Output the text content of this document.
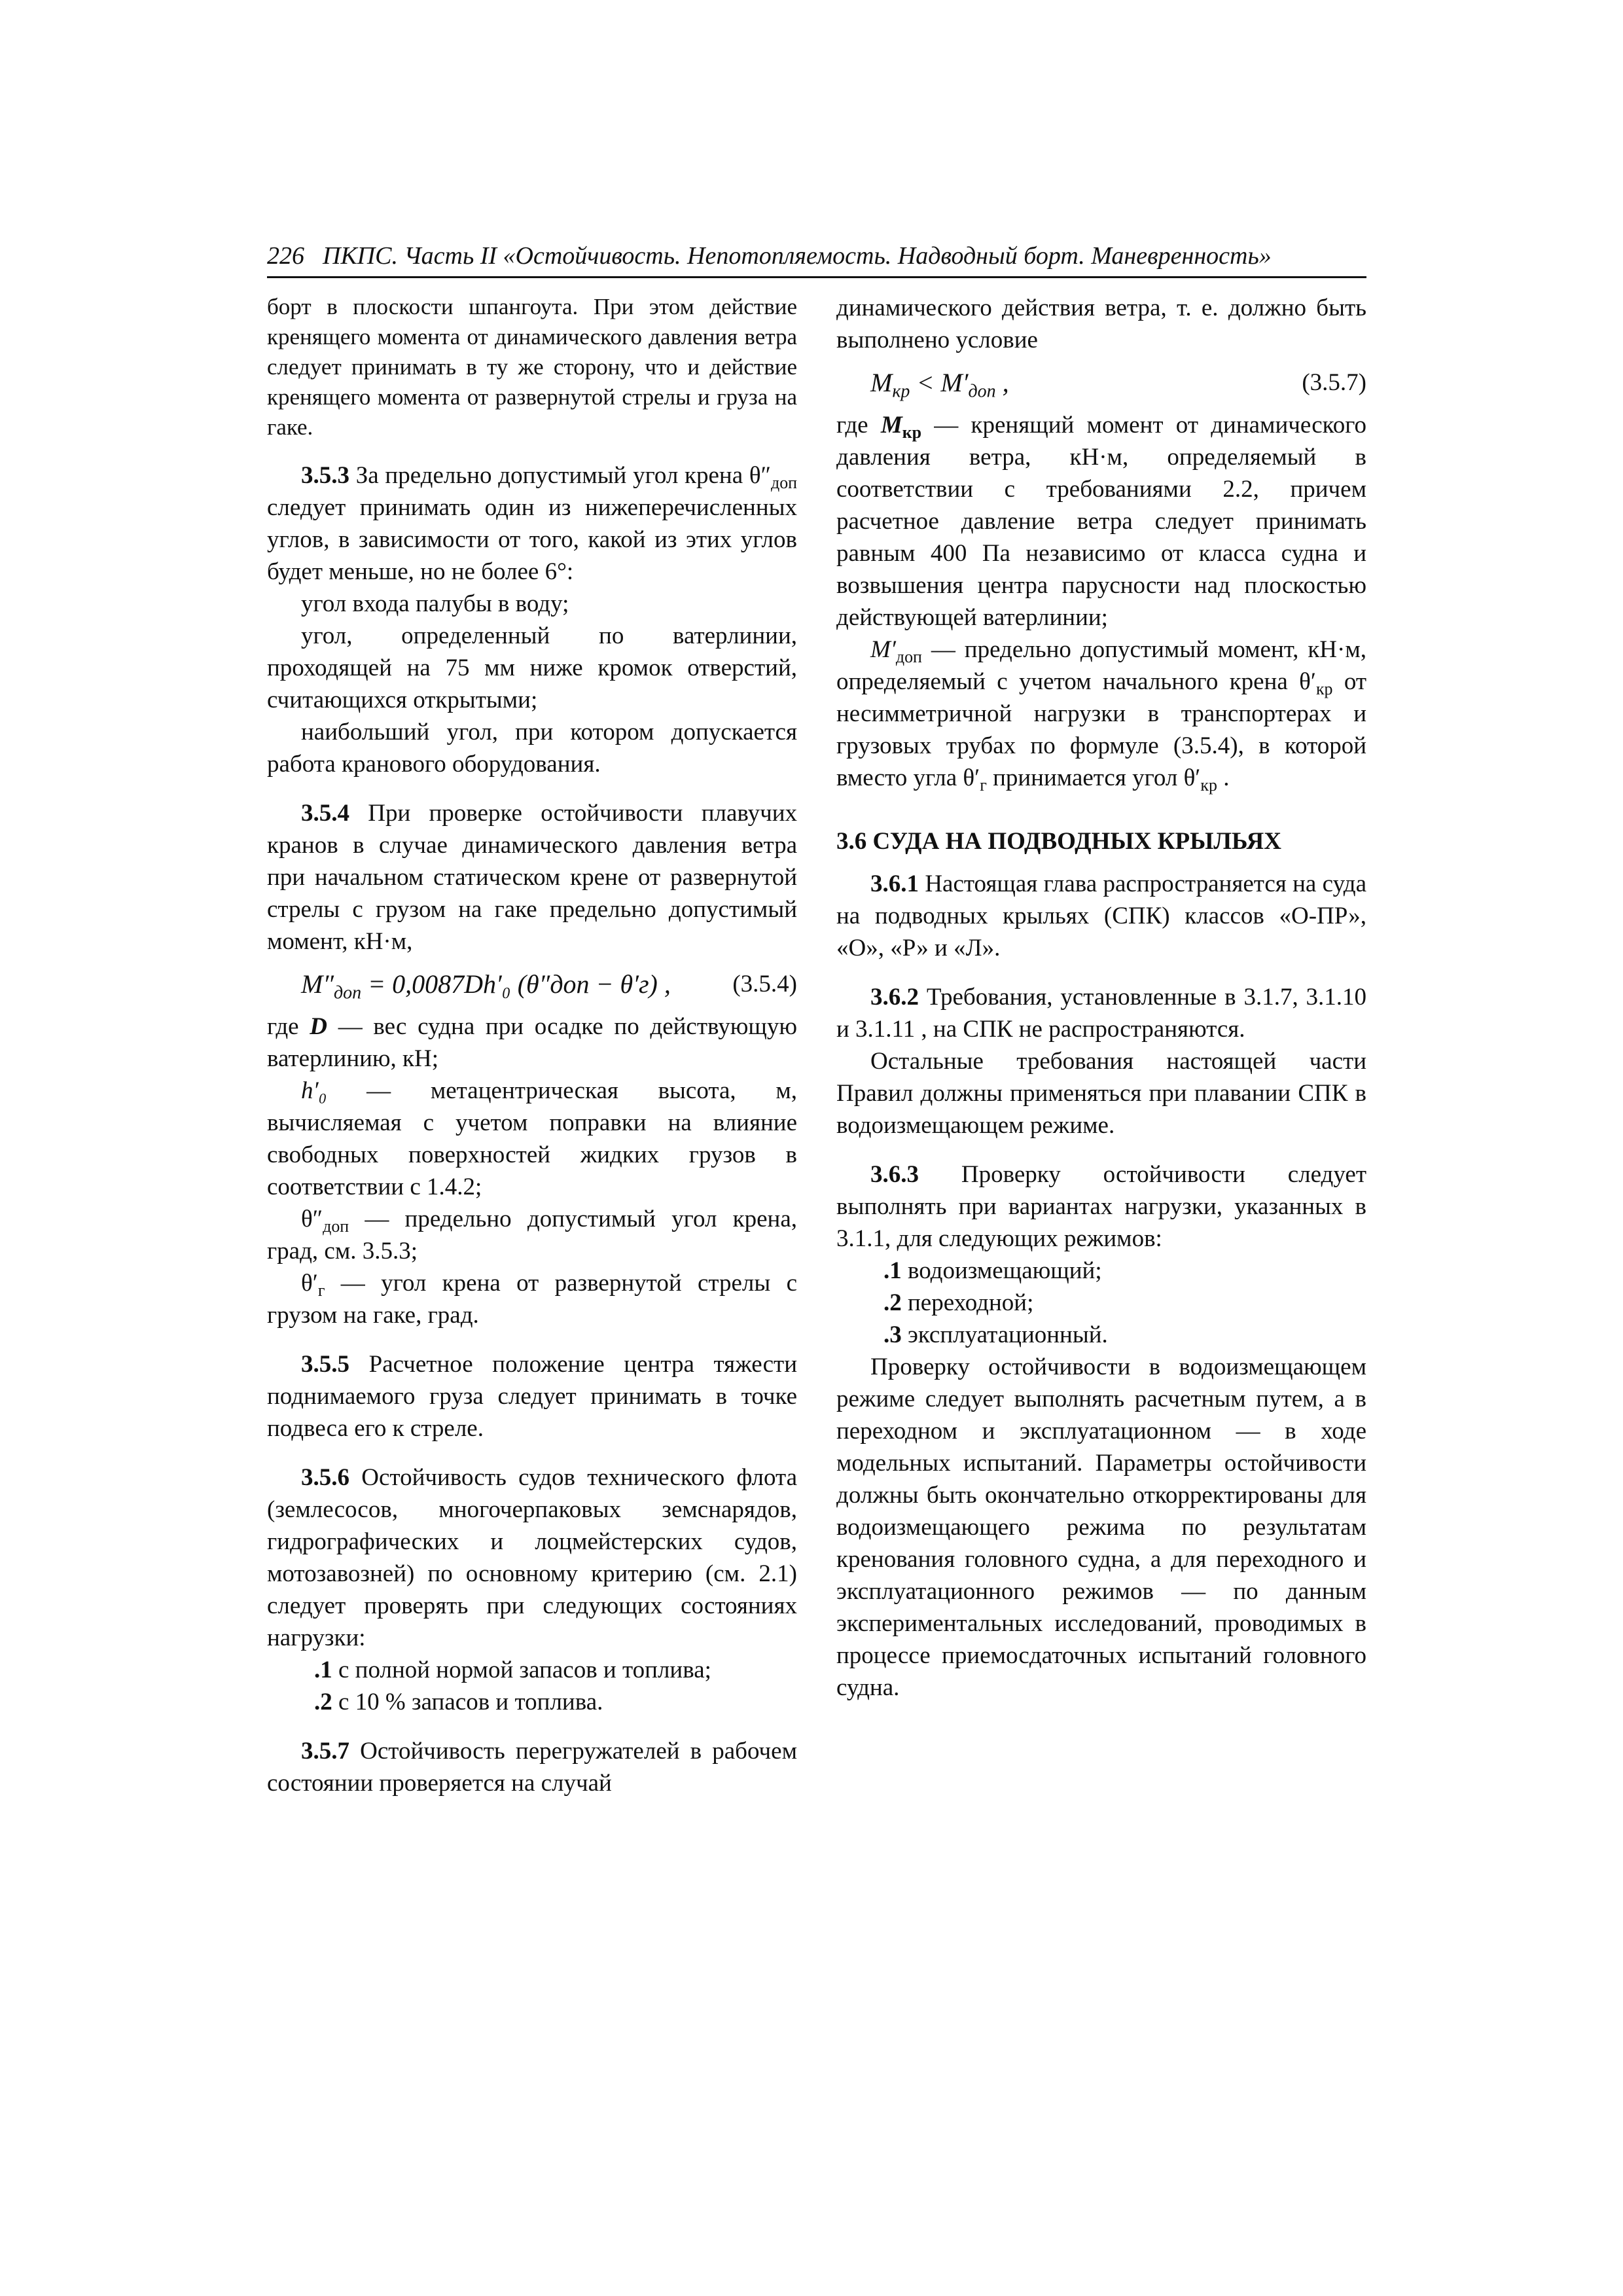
226 ПКПС. Часть II «Остойчивость. Непотопляемость. Надводный борт. Маневренность»

борт в плоскости шпангоута. При этом действие кренящего момента от динамического давления ветра следует принимать в ту же сторону, что и действие кренящего момента от развернутой стрелы и груза на гаке.

3.5.3 За предельно допустимый угол крена $\theta''_{доп}$ следует принимать один из нижеперечисленных углов, в зависимости от того, какой из этих углов будет меньше, но не более 6°:

угол входа палубы в воду;

угол, определенный по ватерлинии, проходящей на 75 мм ниже кромок отверстий, считающихся открытыми;

наибольший угол, при котором допускается работа кранового оборудования.

3.5.4 При проверке остойчивости плавучих кранов в случае динамического давления ветра при начальном статическом крене от развернутой стрелы с грузом на гаке предельно допустимый момент, кН·м,

$M''_{доп} = 0,0087Dh'_0$ (θ″доп − θ′г) ,	(3.5.4)

где D — вес судна при осадке по действующую ватерлинию, кН;

h′₀ — метацентрическая высота, м, вычисляемая с учетом поправки на влияние свободных поверхностей жидких грузов в соответствии с 1.4.2;

$\theta''_{доп}$ — предельно допустимый угол крена, град, см. 3.5.3;

$\theta'_г$ — угол крена от развернутой стрелы с грузом на гаке, град.

3.5.5 Расчетное положение центра тяжести поднимаемого груза следует принимать в точке подвеса его к стреле.

3.5.6 Остойчивость судов технического флота (землесосов, многочерпаковых земснарядов, гидрографических и лоцмейстерских судов, мотозавозней) по основному критерию (см. 2.1) следует проверять при следующих состояниях нагрузки:

.1 с полной нормой запасов и топлива;

.2 с 10 % запасов и топлива.

3.5.7 Остойчивость перегружателей в рабочем состоянии проверяется на случай

динамического действия ветра, т. е. должно быть выполнено условие

$M_{кр} < M'_{доп}$ ,	(3.5.7)

где $M_{кр}$ — кренящий момент от динамического давления ветра, кН·м, определяемый в соответствии с требованиями 2.2, причем расчетное давление ветра следует принимать равным 400 Па независимо от класса судна и возвышения центра парусности над плоскостью действующей ватерлинии;

$M'_{доп}$ — предельно допустимый момент, кН·м, определяемый с учетом начального крена $\theta'_{кр}$ от несимметричной нагрузки в транспортерах и грузовых трубах по формуле (3.5.4), в которой вместо угла $\theta'_г$ принимается угол $\theta'_{кр}$ .

3.6 СУДА НА ПОДВОДНЫХ КРЫЛЬЯХ

3.6.1 Настоящая глава распространяется на суда на подводных крыльях (СПК) классов «О-ПР», «О», «Р» и «Л».

3.6.2 Требования, установленные в 3.1.7, 3.1.10 и 3.1.11 , на СПК не распространяются.

Остальные требования настоящей части Правил должны применяться при плавании СПК в водоизмещающем режиме.

3.6.3 Проверку остойчивости следует выполнять при вариантах нагрузки, указанных в 3.1.1, для следующих режимов:

.1 водоизмещающий;

.2 переходной;

.3 эксплуатационный.

Проверку остойчивости в водоизмещающем режиме следует выполнять расчетным путем, а в переходном и эксплуатационном — в ходе модельных испытаний. Параметры остойчивости должны быть окончательно откорректированы для водоизмещающего режима по результатам кренования головного судна, а для переходного и эксплуатационного режимов — по данным экспериментальных исследований, проводимых в процессе приемосдаточных испытаний головного судна.
